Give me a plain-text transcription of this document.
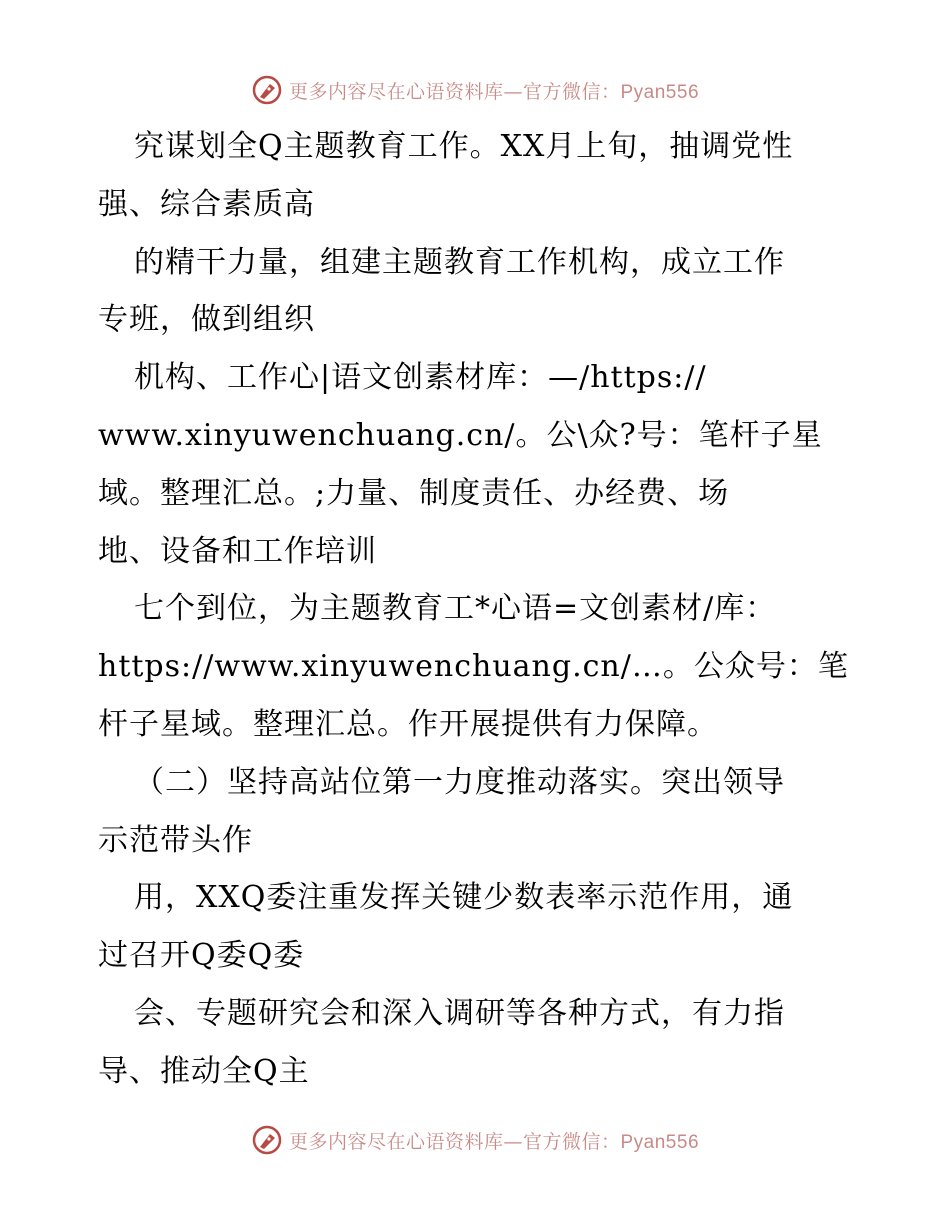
更多内容尽在心语资料库—官方微信：Pyan556
究谋划全Q主题教育工作。XX月上旬，抽调党性
强、综合素质高
的精干力量，组建主题教育工作机构，成立工作
专班，做到组织
机构、工作心|语文创素材库：—/https://
www.xinyuwenchuang.cn/。公\众?号：笔杆子星
域。整理汇总。;力量、制度责任、办经费、场
地、设备和工作培训
七个到位，为主题教育工*心语=文创素材/库：
https://www.xinyuwenchuang.cn/…。公众号：笔
杆子星域。整理汇总。作开展提供有力保障。
（二）坚持高站位第一力度推动落实。突出领导
示范带头作
用，XXQ委注重发挥关键少数表率示范作用，通
过召开Q委Q委
会、专题研究会和深入调研等各种方式，有力指
导、推动全Q主
更多内容尽在心语资料库—官方微信：Pyan556
